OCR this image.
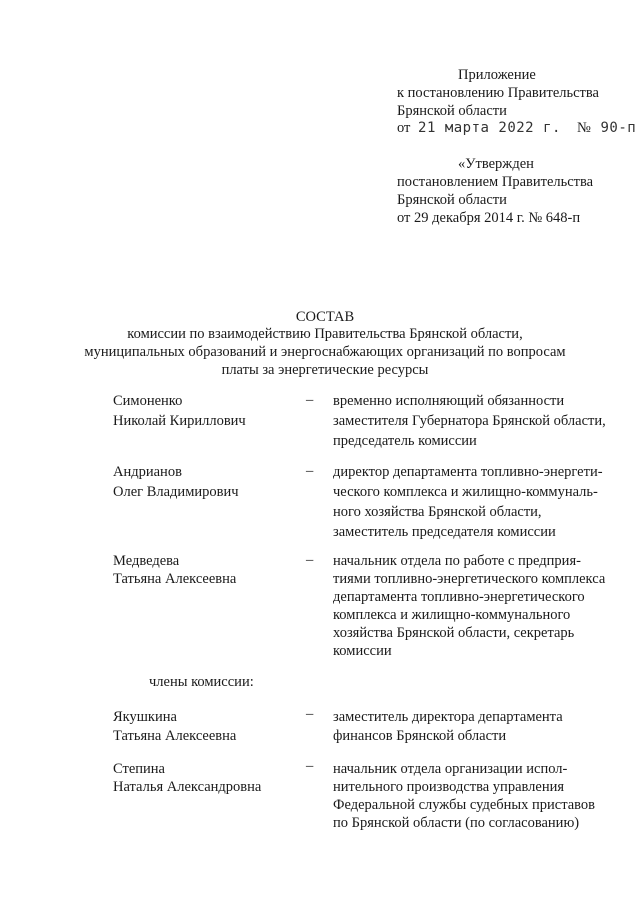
Приложение
к постановлению Правительства
Брянской области
от 21 марта 2022 г. № 90-п
«Утвержден
постановлением Правительства
Брянской области
от 29 декабря 2014 г. № 648-п
СОСТАВ
комиссии по взаимодействию Правительства Брянской области,
муниципальных образований и энергоснабжающих организаций по вопросам
платы за энергетические ресурсы
Симоненко
Николай Кириллович
– временно исполняющий обязанности
заместителя Губернатора Брянской области,
председатель комиссии
Андрианов
Олег Владимирович
– директор департамента топливно-энергети-
ческого комплекса и жилищно-коммуналь-
ного хозяйства Брянской области,
заместитель председателя комиссии
Медведева
Татьяна Алексеевна
– начальник отдела по работе с предприя-
тиями топливно-энергетического комплекса
департамента топливно-энергетического
комплекса и жилищно-коммунального
хозяйства Брянской области, секретарь
комиссии
члены комиссии:
Якушкина
Татьяна Алексеевна
– заместитель директора департамента
финансов Брянской области
Степина
Наталья Александровна
– начальник отдела организации испол-
нительного производства управления
Федеральной службы судебных приставов
по Брянской области (по согласованию)
